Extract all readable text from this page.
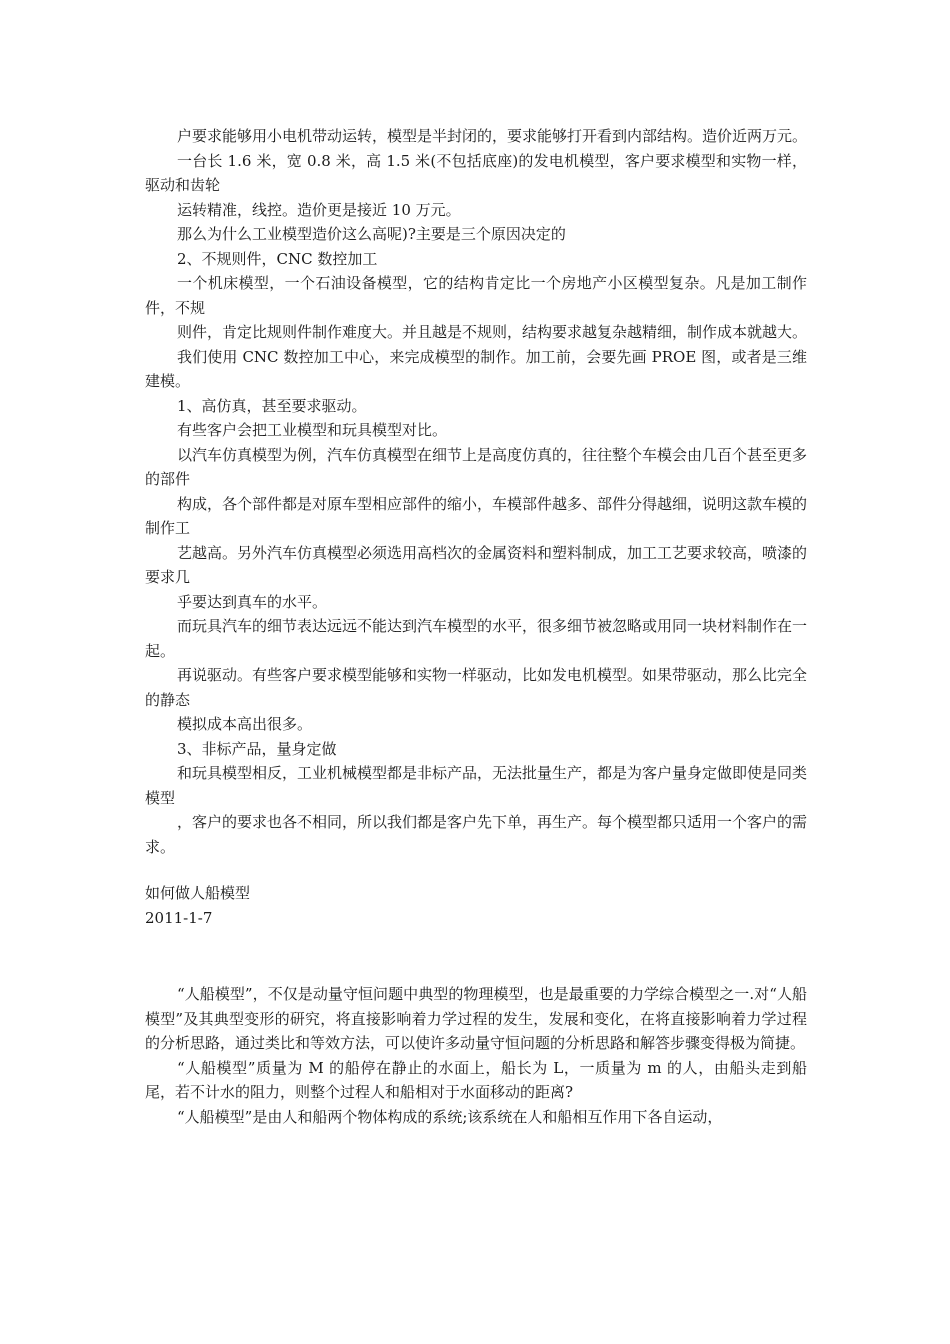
户要求能够用小电机带动运转，模型是半封闭的，要求能够打开看到内部结构。造价近两万元。

一台长 1.6 米，宽 0.8 米，高 1.5 米(不包括底座)的发电机模型，客户要求模型和实物一样，驱动和齿轮

运转精准，线控。造价更是接近 10 万元。

那么为什么工业模型造价这么高呢)?主要是三个原因决定的

2、不规则件，CNC 数控加工

一个机床模型，一个石油设备模型，它的结构肯定比一个房地产小区模型复杂。凡是加工制作件，不规

则件，肯定比规则件制作难度大。并且越是不规则，结构要求越复杂越精细，制作成本就越大。

我们使用 CNC 数控加工中心，来完成模型的制作。加工前，会要先画 PROE 图，或者是三维建模。

1、高仿真，甚至要求驱动。

有些客户会把工业模型和玩具模型对比。

以汽车仿真模型为例，汽车仿真模型在细节上是高度仿真的，往往整个车模会由几百个甚至更多的部件

构成，各个部件都是对原车型相应部件的缩小，车模部件越多、部件分得越细，说明这款车模的制作工

艺越高。另外汽车仿真模型必须选用高档次的金属资料和塑料制成，加工工艺要求较高，喷漆的要求几

乎要达到真车的水平。

而玩具汽车的细节表达远远不能达到汽车模型的水平，很多细节被忽略或用同一块材料制作在一起。

再说驱动。有些客户要求模型能够和实物一样驱动，比如发电机模型。如果带驱动，那么比完全的静态

模拟成本高出很多。

3、非标产品，量身定做

和玩具模型相反，工业机械模型都是非标产品，无法批量生产，都是为客户量身定做即使是同类模型

，客户的要求也各不相同，所以我们都是客户先下单，再生产。每个模型都只适用一个客户的需求。

如何做人船模型

2011-1-7

“人船模型”，不仅是动量守恒问题中典型的物理模型，也是最重要的力学综合模型之一.对“人船模型”及其典型变形的研究，将直接影响着力学过程的发生，发展和变化，在将直接影响着力学过程的分析思路，通过类比和等效方法，可以使许多动量守恒问题的分析思路和解答步骤变得极为简捷。

“人船模型”质量为 M 的船停在静止的水面上，船长为 L，一质量为 m 的人，由船头走到船尾，若不计水的阻力，则整个过程人和船相对于水面移动的距离?

“人船模型”是由人和船两个物体构成的系统;该系统在人和船相互作用下各自运动，
